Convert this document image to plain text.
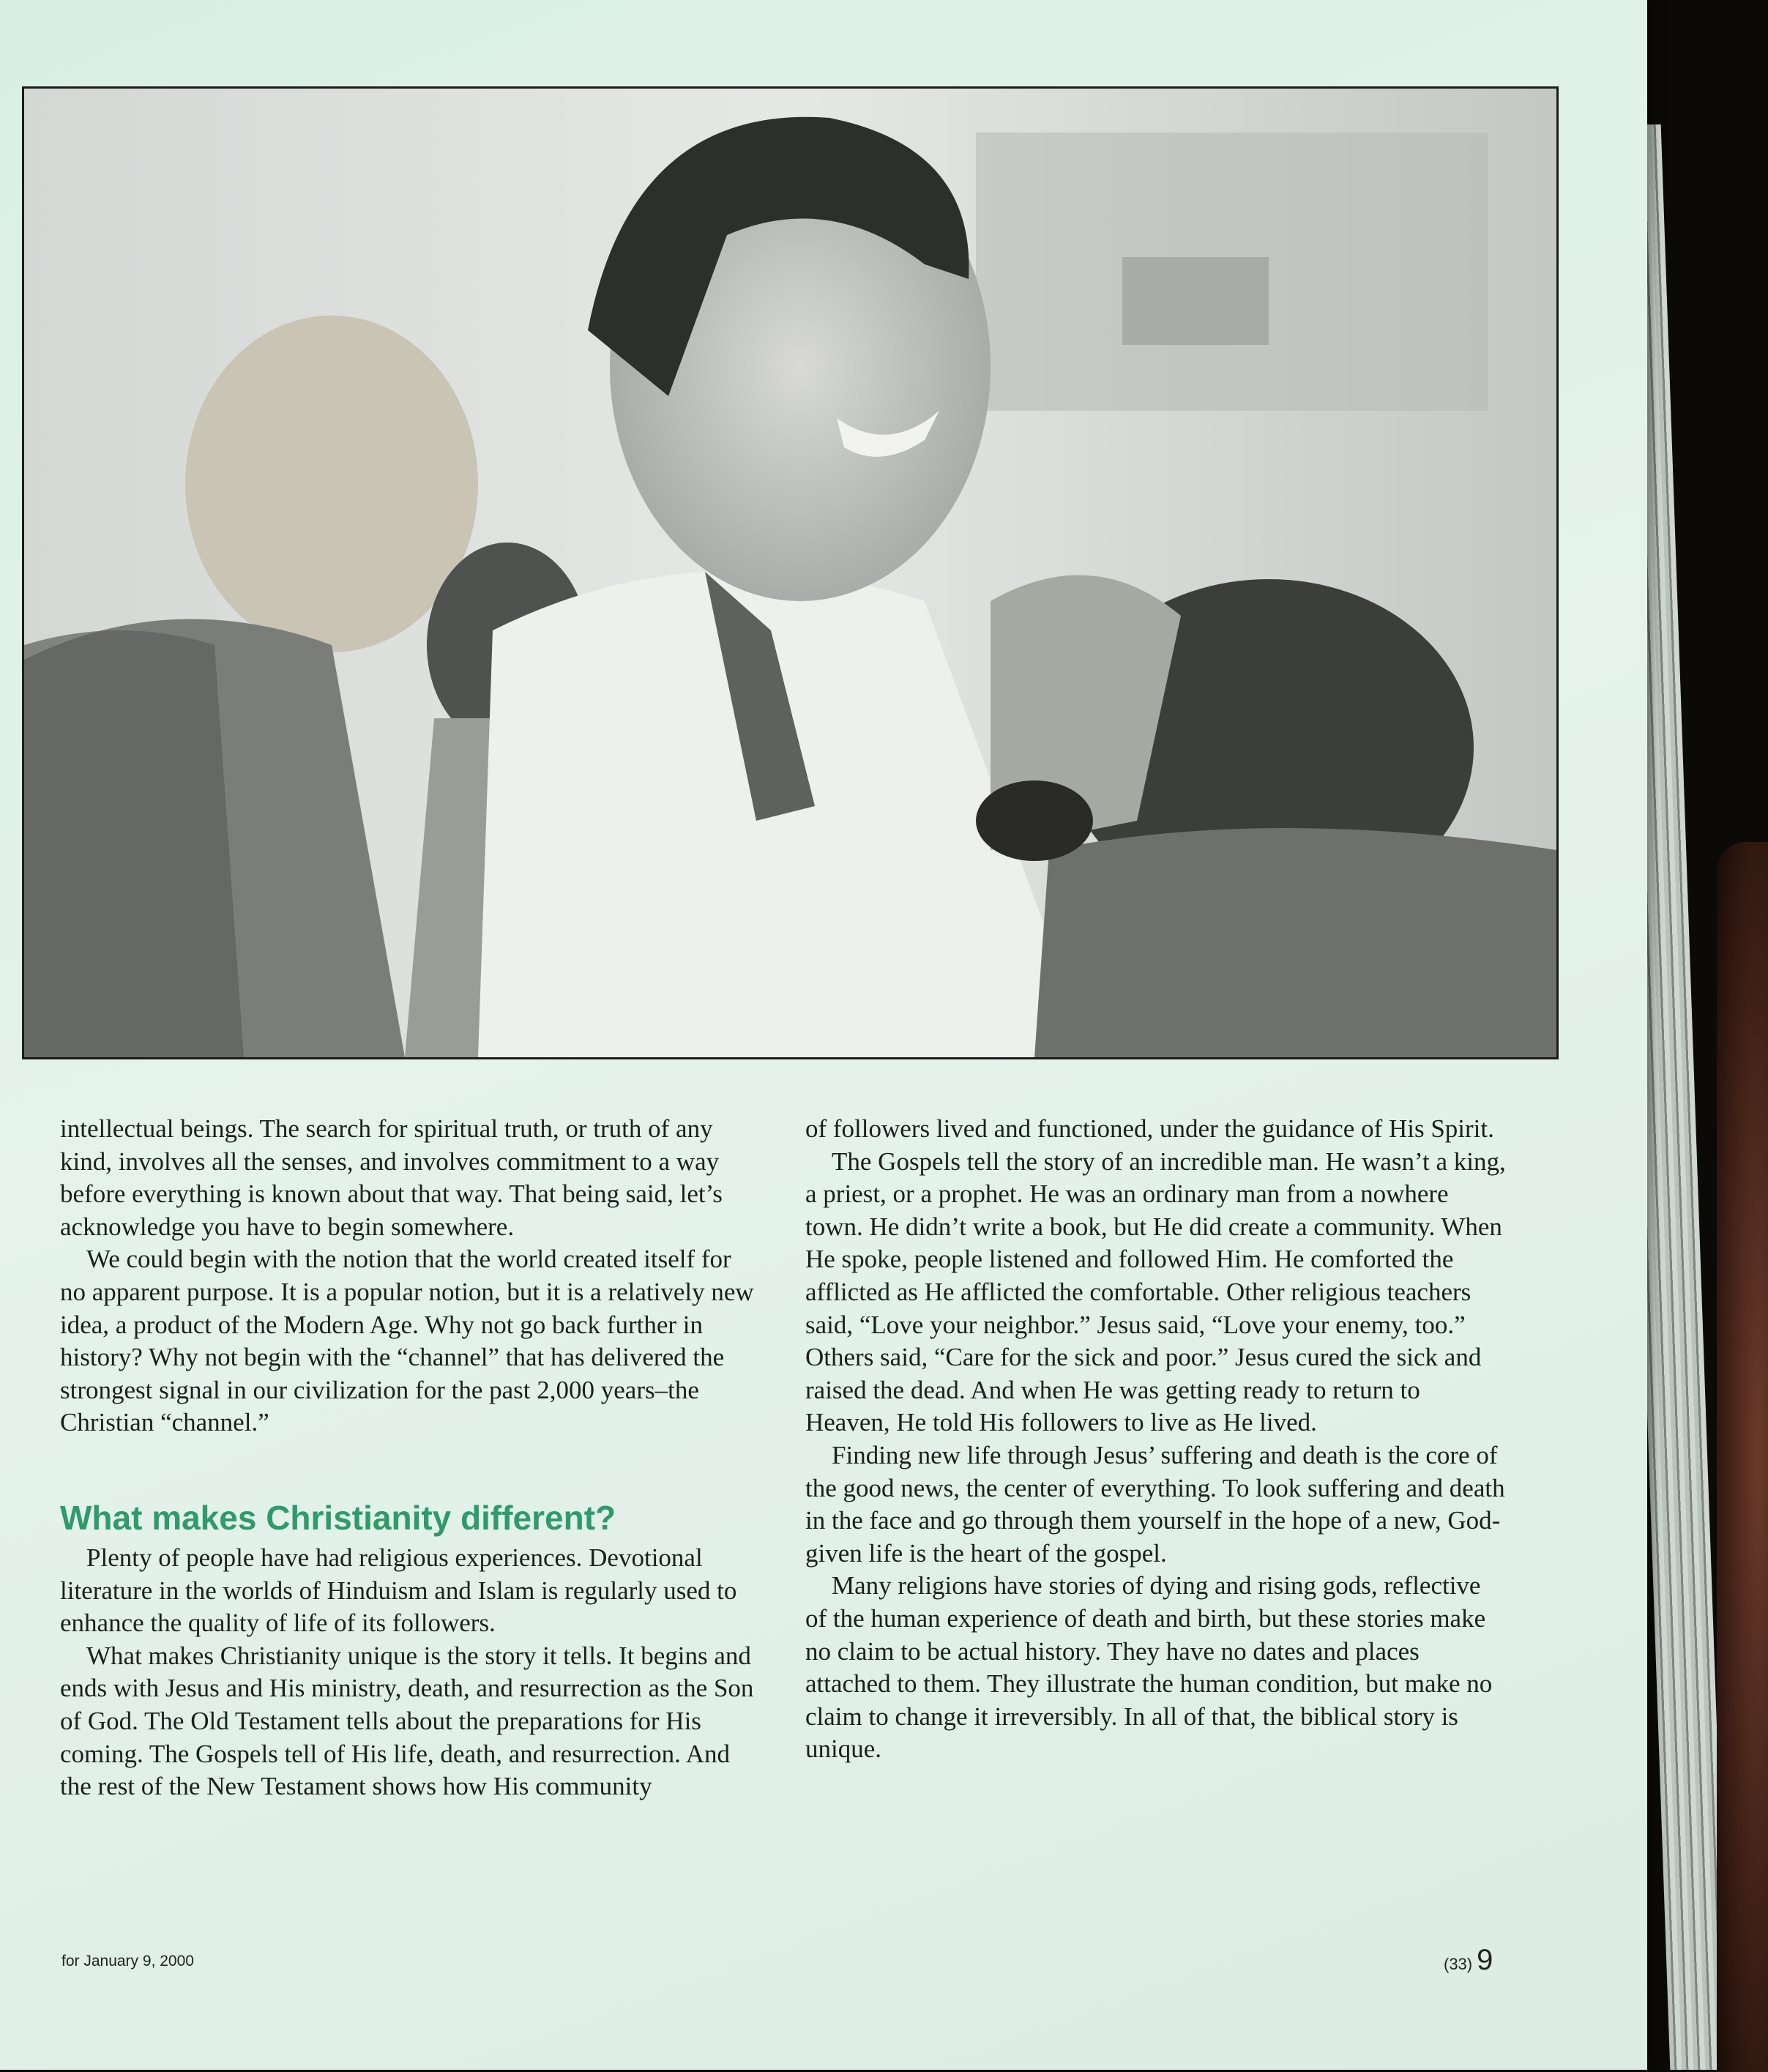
intellectual beings. The search for spiritual truth, or truth of any kind, involves all the senses, and involves commitment to a way before everything is known about that way. That being said, let’s acknowledge you have to begin somewhere.

We could begin with the notion that the world created itself for no apparent purpose. It is a popular notion, but it is a relatively new idea, a product of the Modern Age. Why not go back further in history? Why not begin with the “channel” that has delivered the strongest signal in our civilization for the past 2,000 years–the Christian “channel.”

What makes Christianity different?

Plenty of people have had religious experiences. Devotional literature in the worlds of Hinduism and Islam is regularly used to enhance the quality of life of its followers.

What makes Christianity unique is the story it tells. It begins and ends with Jesus and His ministry, death, and resurrection as the Son of God. The Old Testament tells about the preparations for His coming. The Gospels tell of His life, death, and resurrection. And the rest of the New Testament shows how His community

of followers lived and functioned, under the guidance of His Spirit.

The Gospels tell the story of an incredible man. He wasn’t a king, a priest, or a prophet. He was an ordinary man from a nowhere town. He didn’t write a book, but He did create a community. When He spoke, people listened and followed Him. He comforted the afflicted as He afflicted the comfortable. Other religious teachers said, “Love your neighbor.” Jesus said, “Love your enemy, too.” Others said, “Care for the sick and poor.” Jesus cured the sick and raised the dead. And when He was getting ready to return to Heaven, He told His followers to live as He lived.

Finding new life through Jesus’ suffering and death is the core of the good news, the center of everything. To look suffering and death in the face and go through them yourself in the hope of a new, God-given life is the heart of the gospel.

Many religions have stories of dying and rising gods, reflective of the human experience of death and birth, but these stories make no claim to be actual history. They have no dates and places attached to them. They illustrate the human condition, but make no claim to change it irreversibly. In all of that, the biblical story is unique.

for January 9, 2000	(33) 9
